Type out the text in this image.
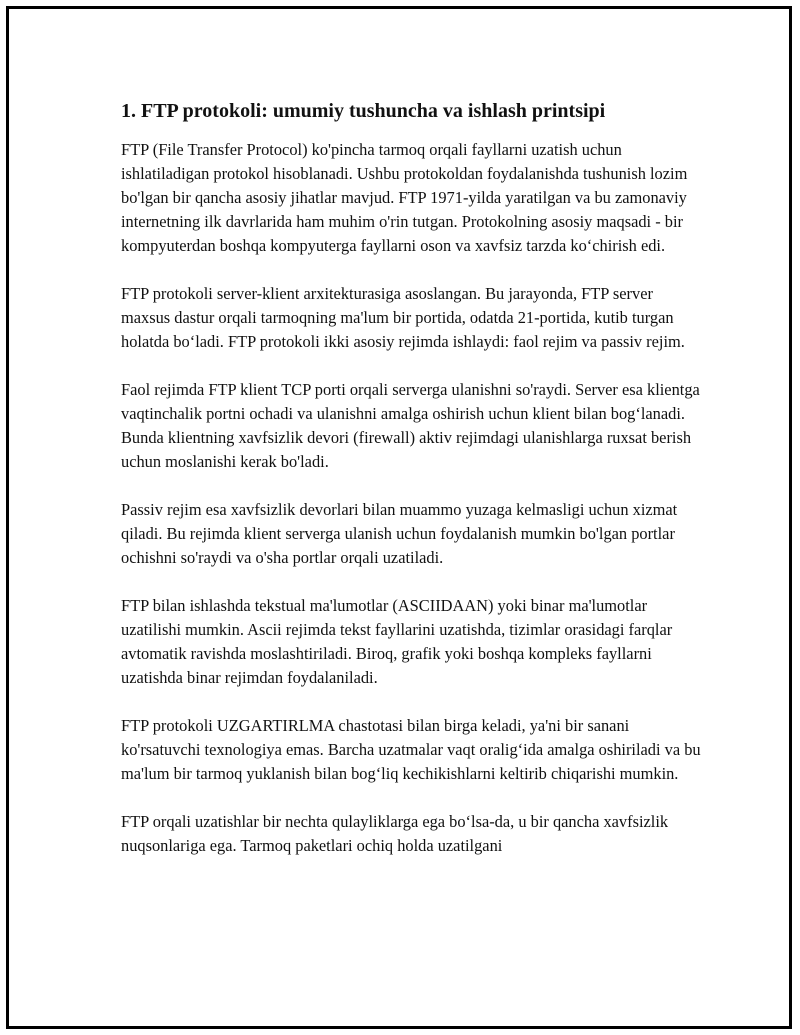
1. FTP protokoli: umumiy tushuncha va ishlash printsipi

FTP (File Transfer Protocol) ko'pincha tarmoq orqali fayllarni uzatish uchun ishlatiladigan protokol hisoblanadi. Ushbu protokoldan foydalanishda tushunish lozim bo'lgan bir qancha asosiy jihatlar mavjud. FTP 1971-yilda yaratilgan va bu zamonaviy internetning ilk davrlarida ham muhim o'rin tutgan. Protokolning asosiy maqsadi - bir kompyuterdan boshqa kompyuterga fayllarni oson va xavfsiz tarzda ko‘chirish edi.

FTP protokoli server-klient arxitekturasiga asoslangan. Bu jarayonda, FTP server maxsus dastur orqali tarmoqning ma'lum bir portida, odatda 21-portida, kutib turgan holatda bo‘ladi. FTP protokoli ikki asosiy rejimda ishlaydi: faol rejim va passiv rejim.

Faol rejimda FTP klient TCP porti orqali serverga ulanishni so'raydi. Server esa klientga vaqtinchalik portni ochadi va ulanishni amalga oshirish uchun klient bilan bog‘lanadi. Bunda klientning xavfsizlik devori (firewall) aktiv rejimdagi ulanishlarga ruxsat berish uchun moslanishi kerak bo'ladi.

Passiv rejim esa xavfsizlik devorlari bilan muammo yuzaga kelmasligi uchun xizmat qiladi. Bu rejimda klient serverga ulanish uchun foydalanish mumkin bo'lgan portlar ochishni so'raydi va o'sha portlar orqali uzatiladi.

FTP bilan ishlashda tekstual ma'lumotlar (ASCIIDAAN) yoki binar ma'lumotlar uzatilishi mumkin. Ascii rejimda tekst fayllarini uzatishda, tizimlar orasidagi farqlar avtomatik ravishda moslashtiriladi. Biroq, grafik yoki boshqa kompleks fayllarni uzatishda binar rejimdan foydalaniladi.

FTP protokoli UZGARTIRLMA chastotasi bilan birga keladi, ya'ni bir sanani ko'rsatuvchi texnologiya emas. Barcha uzatmalar vaqt oralig‘ida amalga oshiriladi va bu ma'lum bir tarmoq yuklanish bilan bog‘liq kechikishlarni keltirib chiqarishi mumkin.

FTP orqali uzatishlar bir nechta qulayliklarga ega bo‘lsa-da, u bir qancha xavfsizlik nuqsonlariga ega. Tarmoq paketlari ochiq holda uzatilgani
